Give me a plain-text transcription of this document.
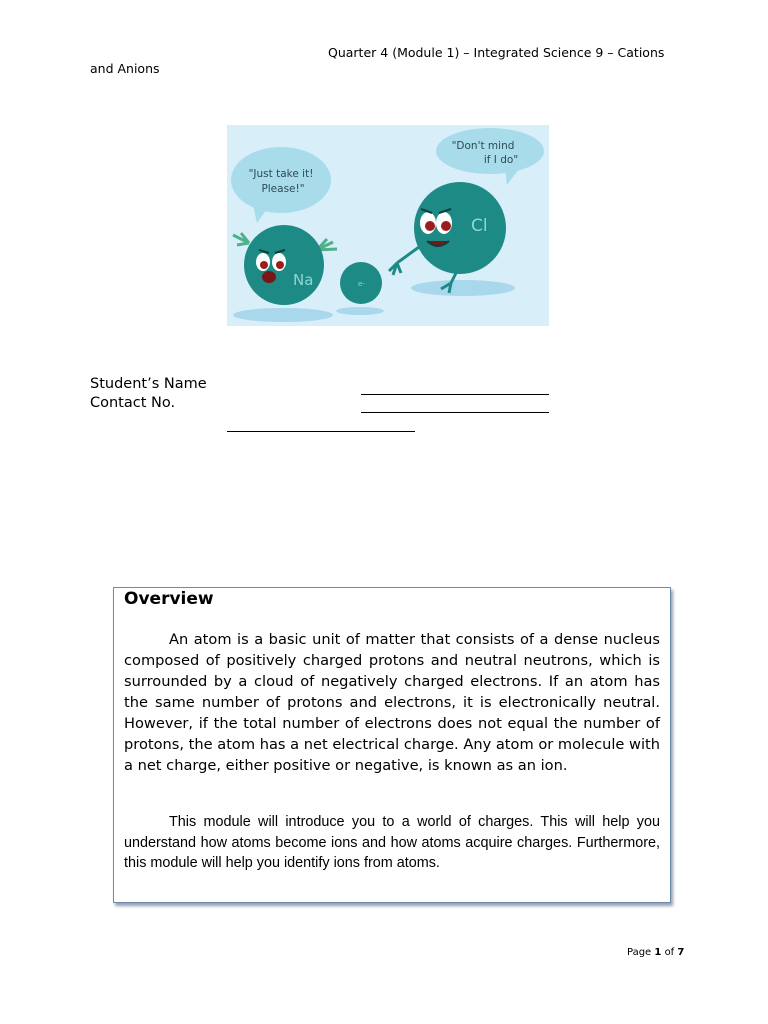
Quarter 4 (Module 1) – Integrated Science 9 – Cations
and Anions
"Just take it!
Please!"
"Don't mind
if I do"
Na	e-
Cl
Student’s Name
Contact No.
Overview

An atom is a basic unit of matter that consists of a dense nucleus composed of positively charged protons and neutral neutrons, which is surrounded by a cloud of negatively charged electrons. If an atom has the same number of protons and electrons, it is electronically neutral. However, if the total number of electrons does not equal the number of protons, the atom has a net electrical charge. Any atom or molecule with a net charge, either positive or negative, is known as an ion.

This module will introduce you to a world of charges. This will help you understand how atoms become ions and how atoms acquire charges. Furthermore, this module will help you identify ions from atoms.

Page 1 of 7
